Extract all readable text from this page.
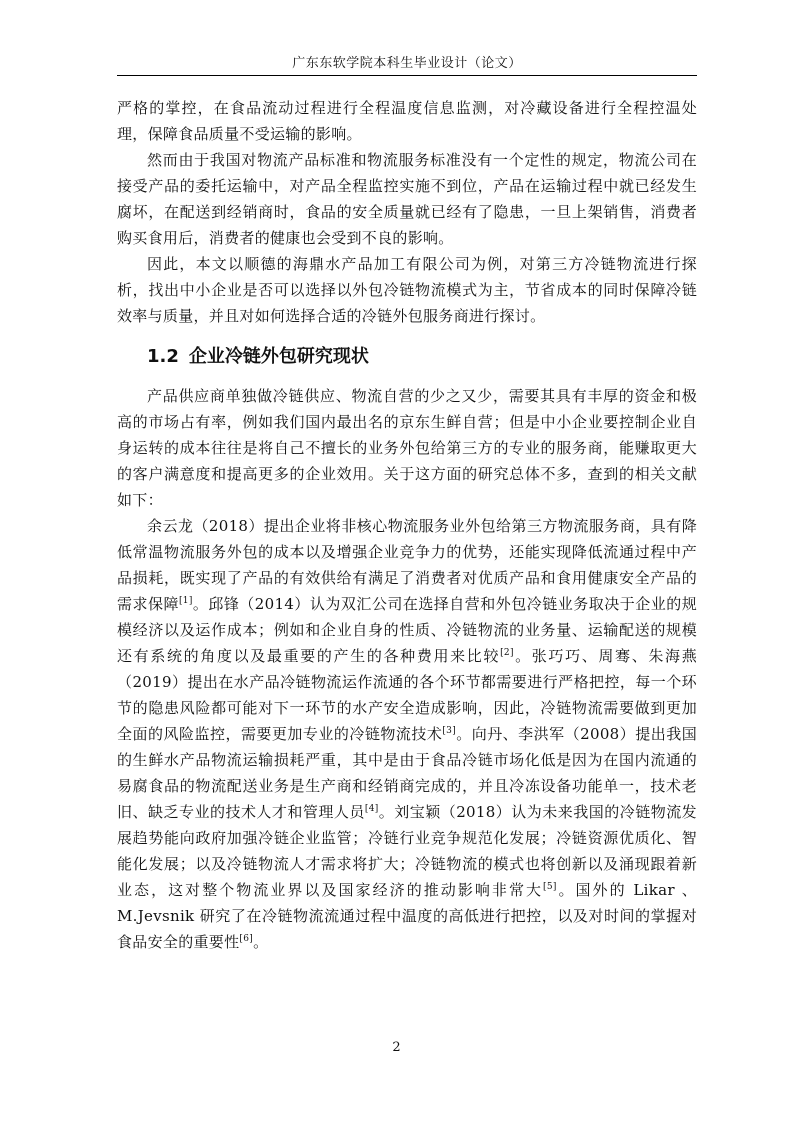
广东东软学院本科生毕业设计（论文）

严格的掌控，在食品流动过程进行全程温度信息监测，对冷藏设备进行全程控温处理，保障食品质量不受运输的影响。

然而由于我国对物流产品标准和物流服务标准没有一个定性的规定，物流公司在接受产品的委托运输中，对产品全程监控实施不到位，产品在运输过程中就已经发生腐坏，在配送到经销商时，食品的安全质量就已经有了隐患，一旦上架销售，消费者购买食用后，消费者的健康也会受到不良的影响。

因此，本文以顺德的海鼎水产品加工有限公司为例，对第三方冷链物流进行探析，找出中小企业是否可以选择以外包冷链物流模式为主，节省成本的同时保障冷链效率与质量，并且对如何选择合适的冷链外包服务商进行探讨。

1.2 企业冷链外包研究现状

产品供应商单独做冷链供应、物流自营的少之又少，需要其具有丰厚的资金和极高的市场占有率，例如我们国内最出名的京东生鲜自营；但是中小企业要控制企业自身运转的成本往往是将自己不擅长的业务外包给第三方的专业的服务商，能赚取更大的客户满意度和提高更多的企业效用。关于这方面的研究总体不多，查到的相关文献如下：

余云龙（2018）提出企业将非核心物流服务业外包给第三方物流服务商，具有降低常温物流服务外包的成本以及增强企业竞争力的优势，还能实现降低流通过程中产品损耗，既实现了产品的有效供给有满足了消费者对优质产品和食用健康安全产品的需求保障[1]。邱锋（2014）认为双汇公司在选择自营和外包冷链业务取决于企业的规模经济以及运作成本；例如和企业自身的性质、冷链物流的业务量、运输配送的规模还有系统的角度以及最重要的产生的各种费用来比较[2]。张巧巧、周骞、朱海燕（2019）提出在水产品冷链物流运作流通的各个环节都需要进行严格把控，每一个环节的隐患风险都可能对下一环节的水产安全造成影响，因此，冷链物流需要做到更加全面的风险监控，需要更加专业的冷链物流技术[3]。向丹、李洪军（2008）提出我国的生鲜水产品物流运输损耗严重，其中是由于食品冷链市场化低是因为在国内流通的易腐食品的物流配送业务是生产商和经销商完成的，并且冷冻设备功能单一，技术老旧、缺乏专业的技术人才和管理人员[4]。刘宝颖（2018）认为未来我国的冷链物流发展趋势能向政府加强冷链企业监管；冷链行业竞争规范化发展；冷链资源优质化、智能化发展；以及冷链物流人才需求将扩大；冷链物流的模式也将创新以及涌现跟着新业态，这对整个物流业界以及国家经济的推动影响非常大[5]。国外的 Likar 、M.Jevsnik 研究了在冷链物流流通过程中温度的高低进行把控，以及对时间的掌握对食品安全的重要性[6]。

2
